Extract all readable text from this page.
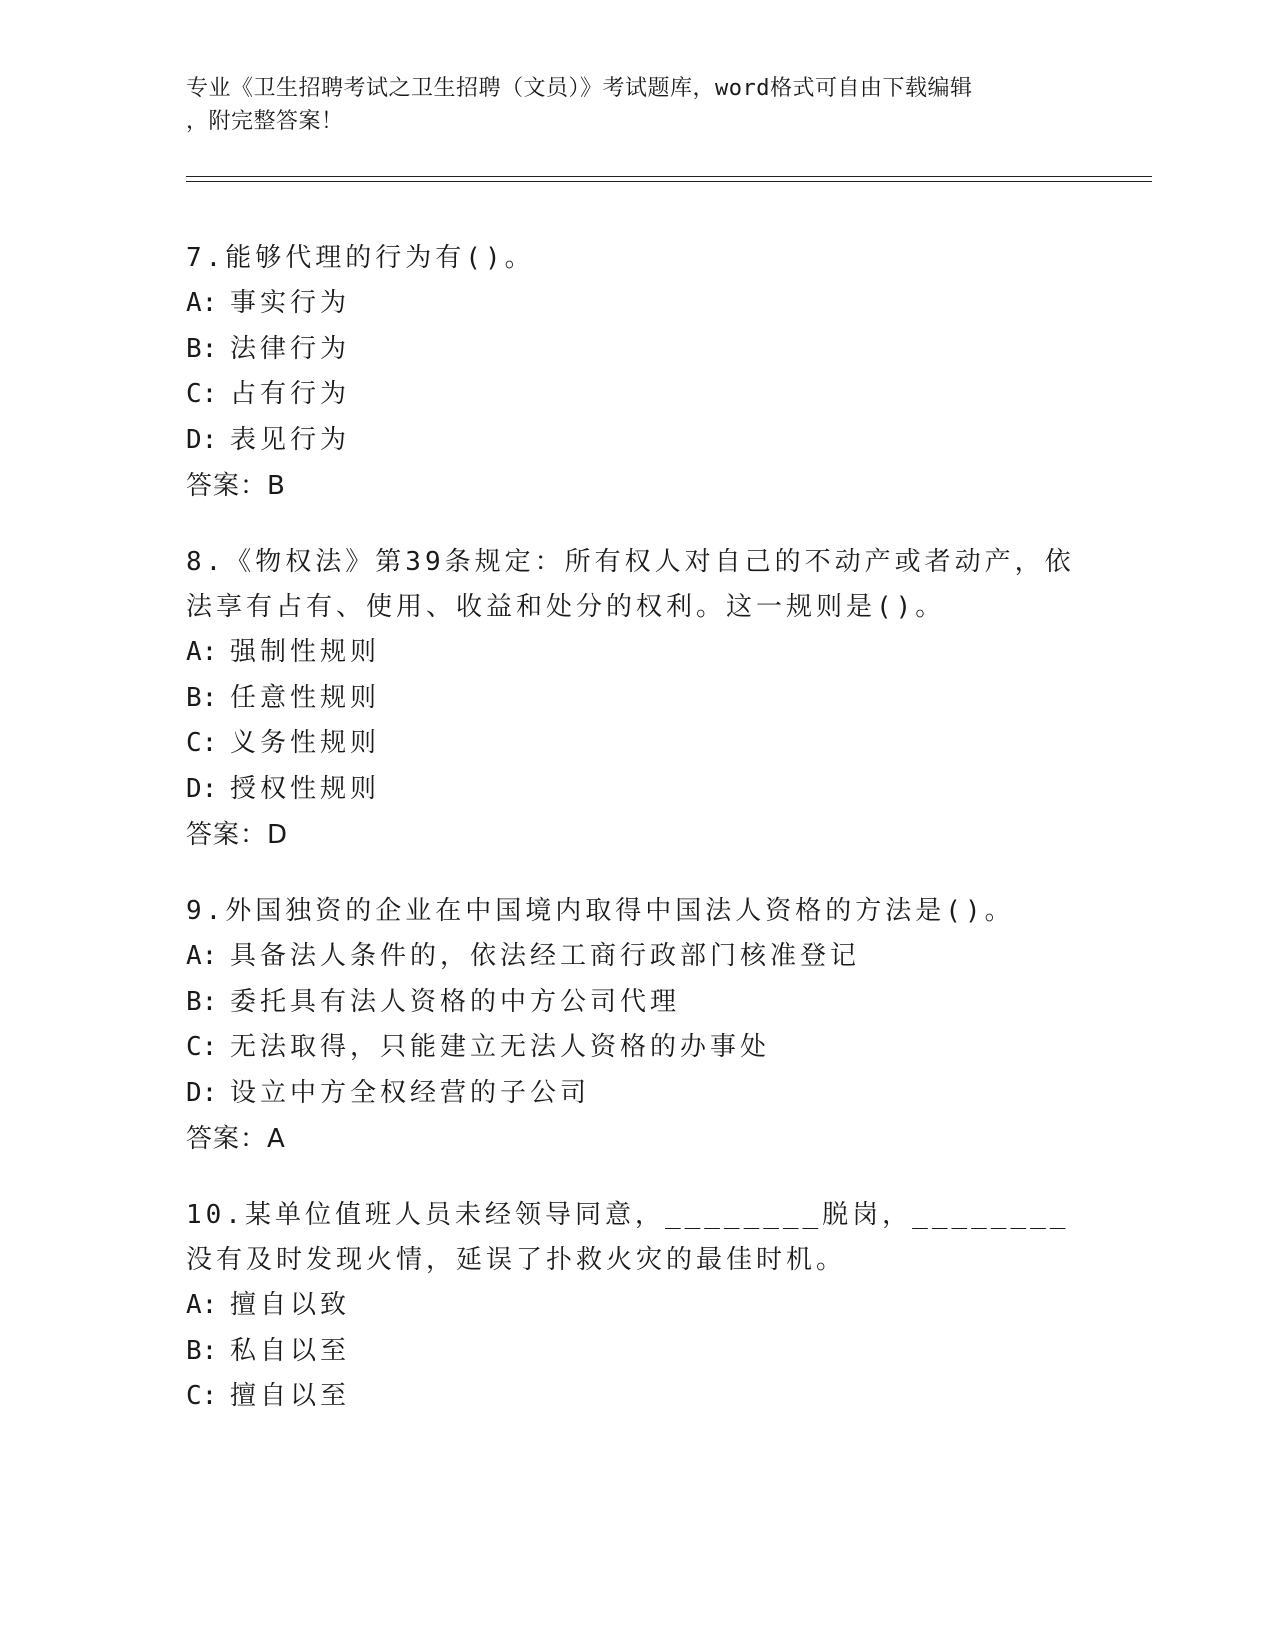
专业《卫生招聘考试之卫生招聘（文员）》考试题库，word格式可自由下载编辑
，附完整答案！
7.能够代理的行为有()。
A: 事实行为
B: 法律行为
C: 占有行为
D: 表见行为
答案：B
8.《物权法》第39条规定：所有权人对自己的不动产或者动产，依法享有占有、使用、收益和处分的权利。这一规则是()。
A: 强制性规则
B: 任意性规则
C: 义务性规则
D: 授权性规则
答案：D
9.外国独资的企业在中国境内取得中国法人资格的方法是()。
A: 具备法人条件的，依法经工商行政部门核准登记
B: 委托具有法人资格的中方公司代理
C: 无法取得，只能建立无法人资格的办事处
D: 设立中方全权经营的子公司
答案：A
10.某单位值班人员未经领导同意，________脱岗，________没有及时发现火情，延误了扑救火灾的最佳时机。
A: 擅自以致
B: 私自以至
C: 擅自以至
